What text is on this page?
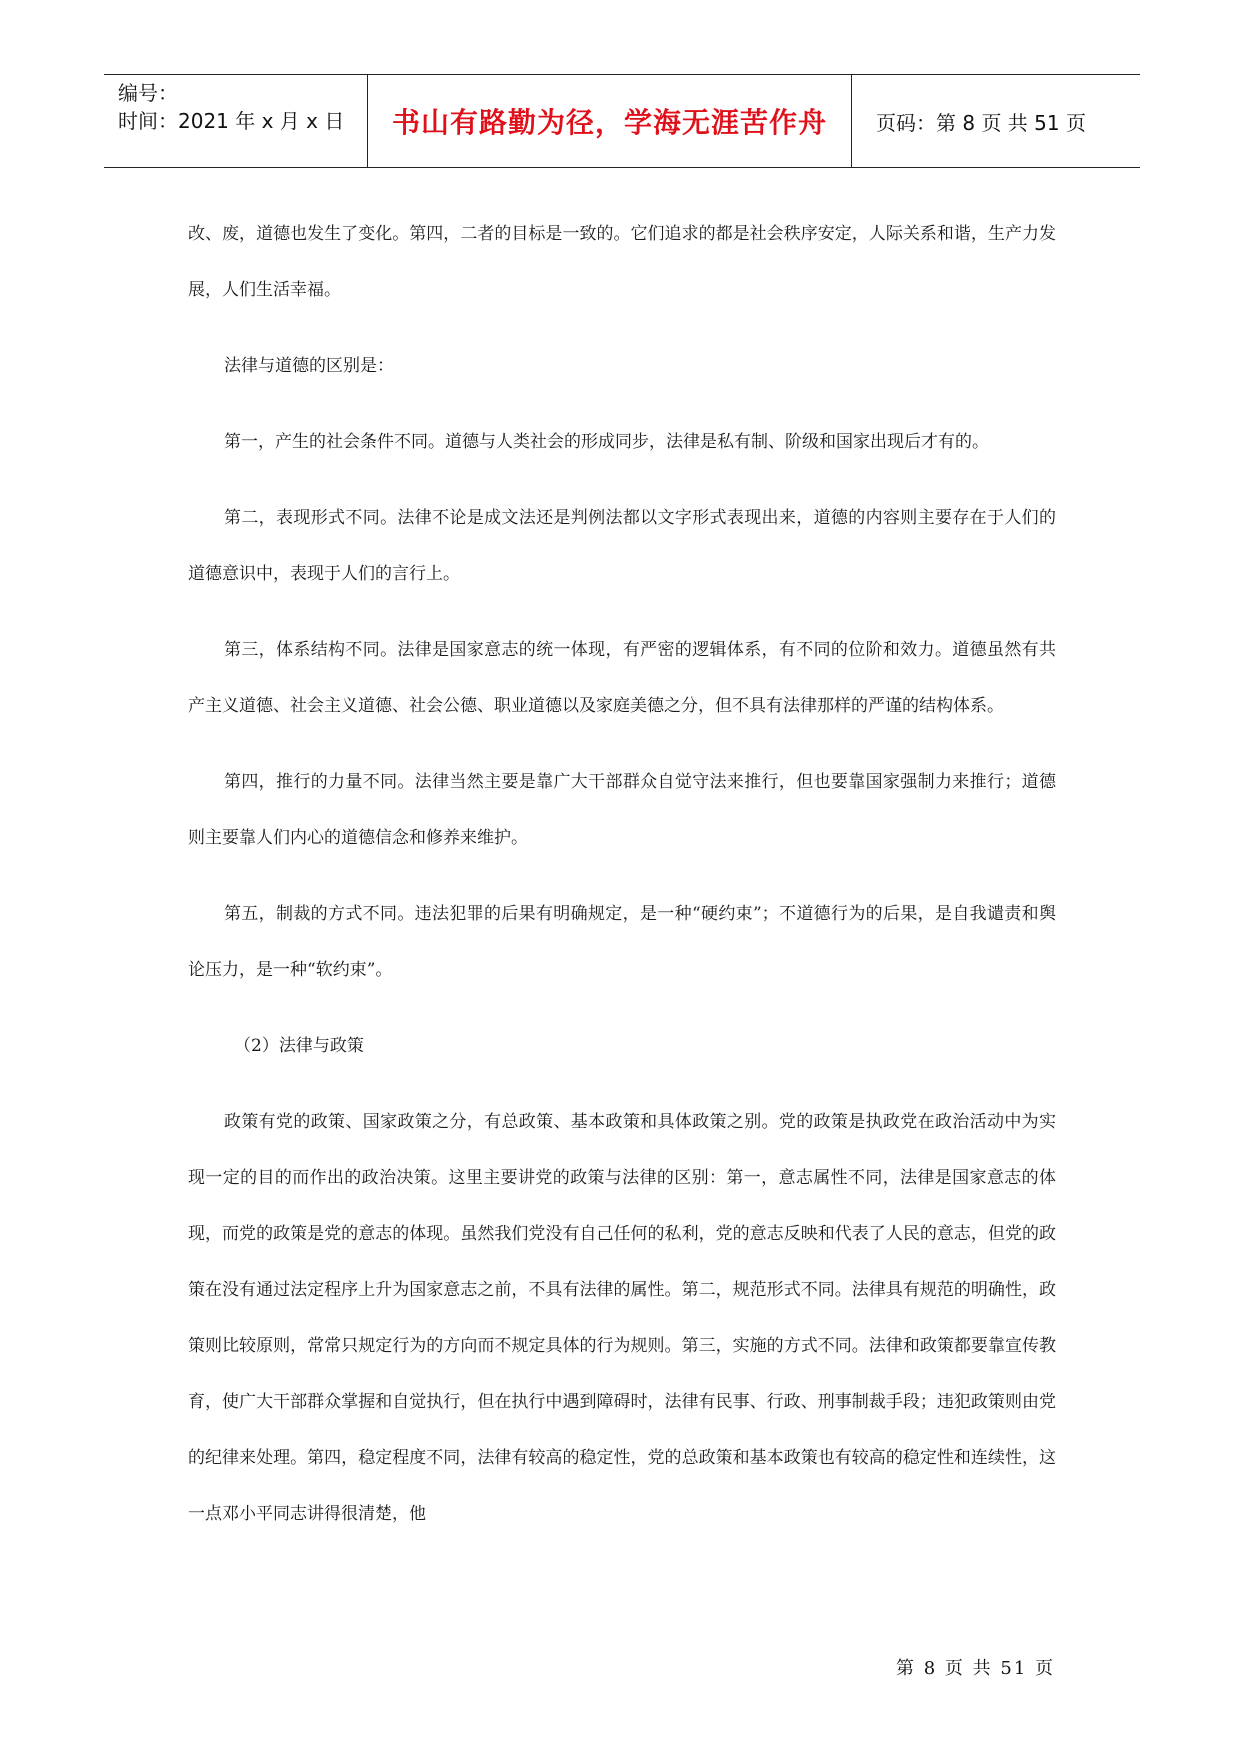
编号：
时间：2021 年 x 月 x 日 书山有路勤为径，学海无涯苦作舟 页码：第 8 页 共 51 页

改、废，道德也发生了变化。第四，二者的目标是一致的。它们追求的都是社会秩序安定，人际关系和谐，生产力发展，人们生活幸福。

法律与道德的区别是：

第一，产生的社会条件不同。道德与人类社会的形成同步，法律是私有制、阶级和国家出现后才有的。

第二，表现形式不同。法律不论是成文法还是判例法都以文字形式表现出来，道德的内容则主要存在于人们的道德意识中，表现于人们的言行上。

第三，体系结构不同。法律是国家意志的统一体现，有严密的逻辑体系，有不同的位阶和效力。道德虽然有共产主义道德、社会主义道德、社会公德、职业道德以及家庭美德之分，但不具有法律那样的严谨的结构体系。

第四，推行的力量不同。法律当然主要是靠广大干部群众自觉守法来推行，但也要靠国家强制力来推行；道德则主要靠人们内心的道德信念和修养来维护。

第五，制裁的方式不同。违法犯罪的后果有明确规定，是一种“硬约束”；不道德行为的后果，是自我谴责和舆论压力，是一种“软约束”。

（2）法律与政策

政策有党的政策、国家政策之分，有总政策、基本政策和具体政策之别。党的政策是执政党在政治活动中为实现一定的目的而作出的政治决策。这里主要讲党的政策与法律的区别：第一，意志属性不同，法律是国家意志的体现，而党的政策是党的意志的体现。虽然我们党没有自己任何的私利，党的意志反映和代表了人民的意志，但党的政策在没有通过法定程序上升为国家意志之前，不具有法律的属性。第二，规范形式不同。法律具有规范的明确性，政策则比较原则，常常只规定行为的方向而不规定具体的行为规则。第三，实施的方式不同。法律和政策都要靠宣传教育，使广大干部群众掌握和自觉执行，但在执行中遇到障碍时，法律有民事、行政、刑事制裁手段；违犯政策则由党的纪律来处理。第四，稳定程度不同，法律有较高的稳定性，党的总政策和基本政策也有较高的稳定性和连续性，这一点邓小平同志讲得很清楚，他

第 8 页 共 51 页
